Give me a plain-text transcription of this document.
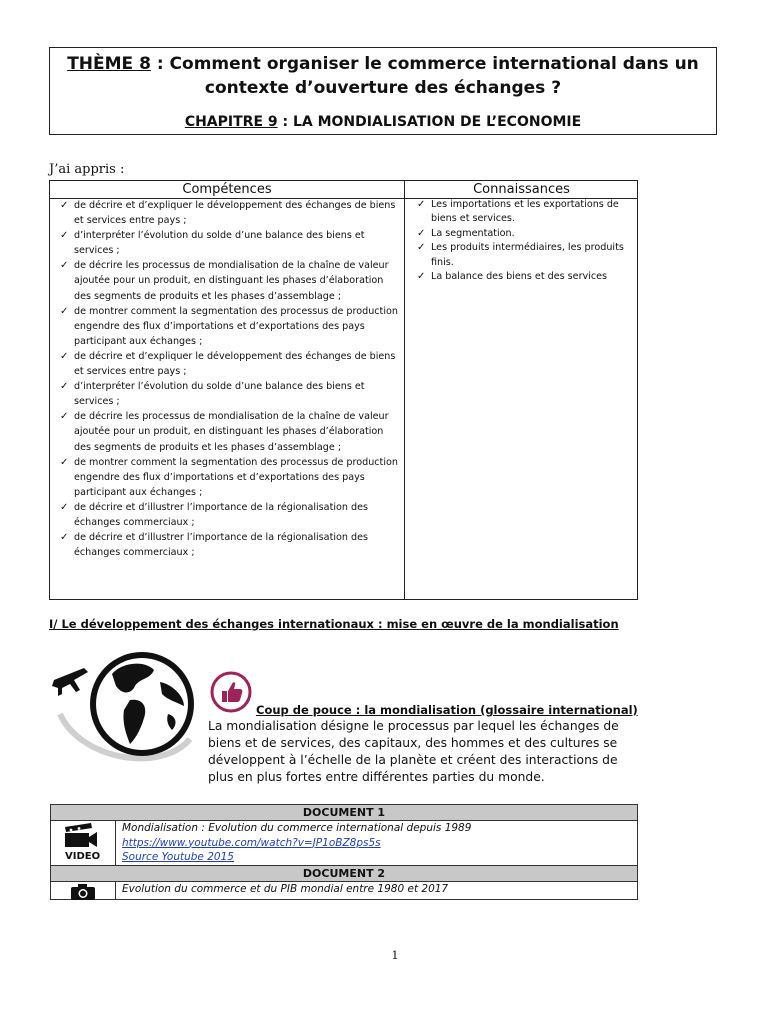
THÈME 8 : Comment organiser le commerce international dans un contexte d’ouverture des échanges ?
CHAPITRE 9 : LA MONDIALISATION DE L’ECONOMIE
J’ai appris :
Compétences	Connaissances
✓ de décrire et d’expliquer le développement des échanges de biens et services entre pays ;
✓ d’interpréter l’évolution du solde d’une balance des biens et services ;
✓ de décrire les processus de mondialisation de la chaîne de valeur ajoutée pour un produit, en distinguant les phases d’élaboration des segments de produits et les phases d’assemblage ;
✓ de montrer comment la segmentation des processus de production engendre des flux d’importations et d’exportations des pays participant aux échanges ;
✓ de décrire et d’expliquer le développement des échanges de biens et services entre pays ;
✓ d’interpréter l’évolution du solde d’une balance des biens et services ;
✓ de décrire les processus de mondialisation de la chaîne de valeur ajoutée pour un produit, en distinguant les phases d’élaboration des segments de produits et les phases d’assemblage ;
✓ de montrer comment la segmentation des processus de production engendre des flux d’importations et d’exportations des pays participant aux échanges ;
✓ de décrire et d’illustrer l’importance de la régionalisation des échanges commerciaux ;
✓ de décrire et d’illustrer l’importance de la régionalisation des échanges commerciaux ;
✓ Les importations et les exportations de biens et services.
✓ La segmentation.
✓ Les produits intermédiaires, les produits finis.
✓ La balance des biens et des services
I/ Le développement des échanges internationaux : mise en œuvre de la mondialisation
Coup de pouce : la mondialisation (glossaire international)
La mondialisation désigne le processus par lequel les échanges de biens et de services, des capitaux, des hommes et des cultures se développent à l’échelle de la planète et créent des interactions de plus en plus fortes entre différentes parties du monde.
DOCUMENT 1
VIDEO
Mondialisation : Evolution du commerce international depuis 1989
https://www.youtube.com/watch?v=JP1oBZ8ps5s
Source Youtube 2015
DOCUMENT 2
Evolution du commerce et du PIB mondial entre 1980 et 2017
1
